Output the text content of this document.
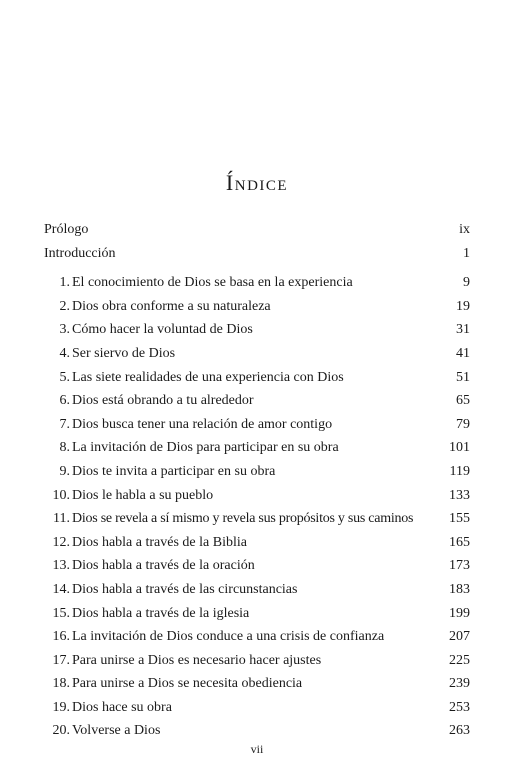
Índice
Prólogo	ix
Introducción	1
1. El conocimiento de Dios se basa en la experiencia	9
2. Dios obra conforme a su naturaleza	19
3. Cómo hacer la voluntad de Dios	31
4. Ser siervo de Dios	41
5. Las siete realidades de una experiencia con Dios	51
6. Dios está obrando a tu alrededor	65
7. Dios busca tener una relación de amor contigo	79
8. La invitación de Dios para participar en su obra	101
9. Dios te invita a participar en su obra	119
10. Dios le habla a su pueblo	133
11. Dios se revela a sí mismo y revela sus propósitos y sus caminos	155
12. Dios habla a través de la Biblia	165
13. Dios habla a través de la oración	173
14. Dios habla a través de las circunstancias	183
15. Dios habla a través de la iglesia	199
16. La invitación de Dios conduce a una crisis de confianza	207
17. Para unirse a Dios es necesario hacer ajustes	225
18. Para unirse a Dios se necesita obediencia	239
19. Dios hace su obra	253
20. Volverse a Dios	263
vii
